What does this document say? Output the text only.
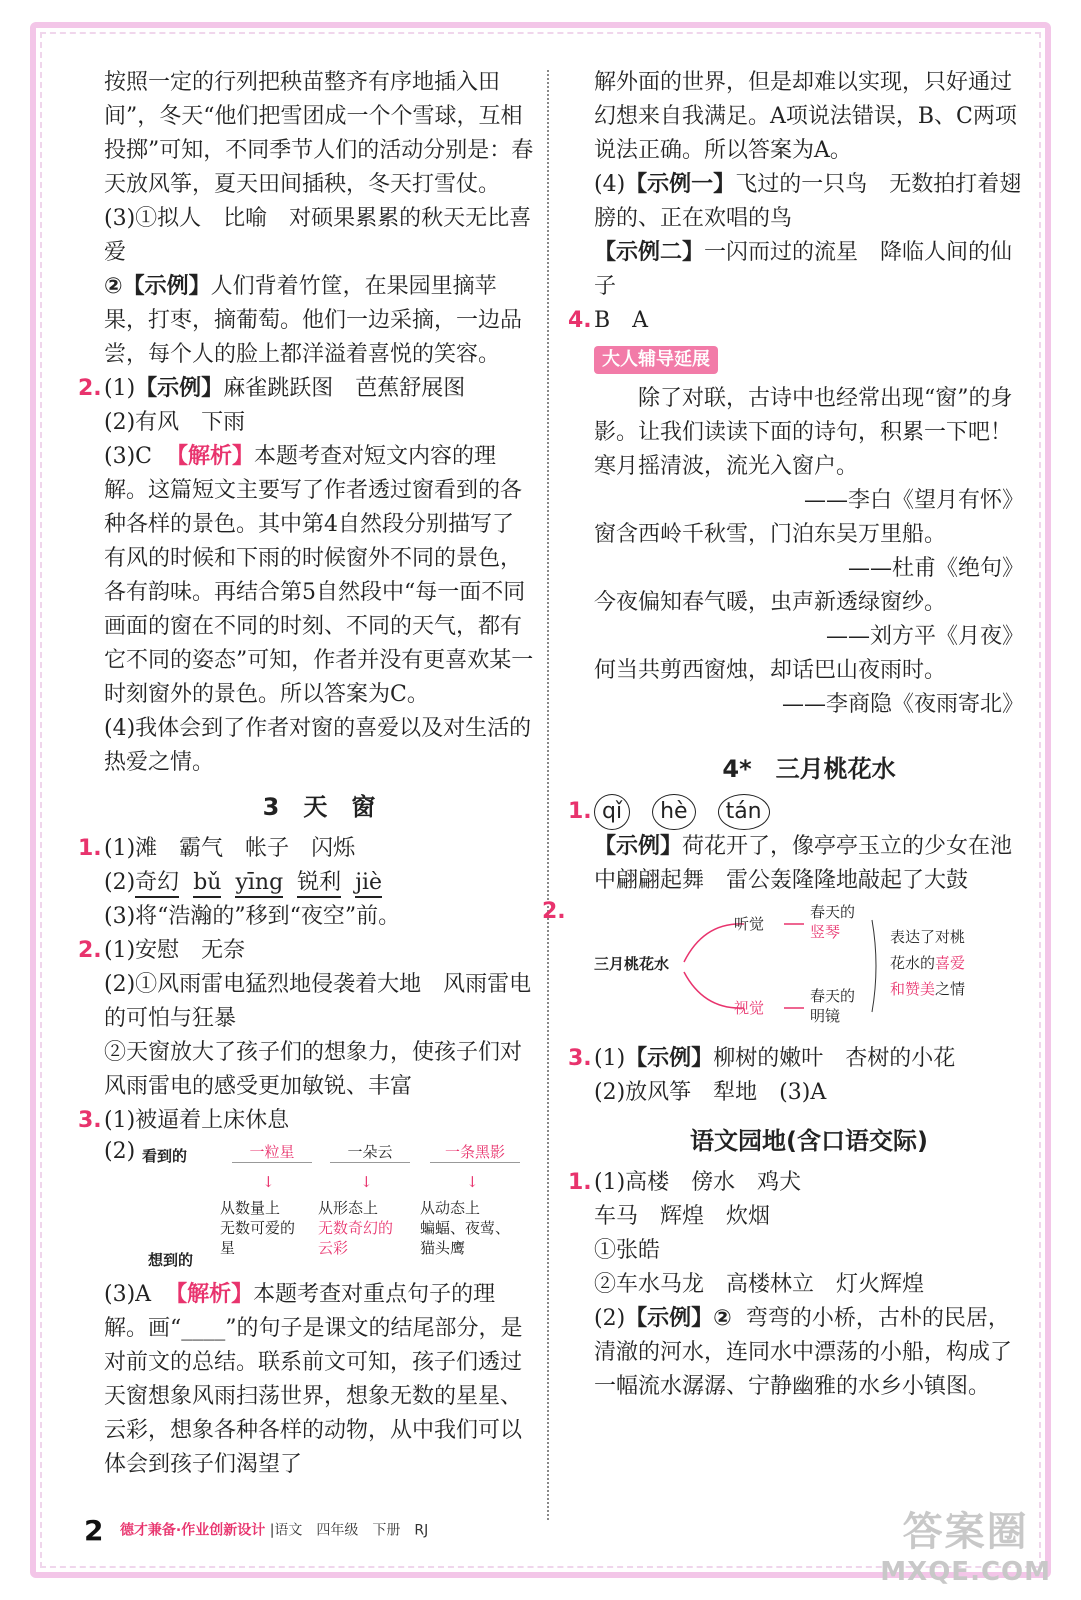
按照一定的行列把秧苗整齐有序地插入田间”，冬天“他们把雪团成一个个雪球，互相投掷”可知，不同季节人们的活动分别是：春天放风筝，夏天田间插秧，冬天打雪仗。

(3)①拟人　比喻　对硕果累累的秋天无比喜爱

②【示例】人们背着竹筐，在果园里摘苹果，打枣，摘葡萄。他们一边采摘，一边品尝，每个人的脸上都洋溢着喜悦的笑容。

2. (1)【示例】麻雀跳跃图　芭蕉舒展图

(2)有风　下雨

(3)C 【解析】本题考查对短文内容的理解。这篇短文主要写了作者透过窗看到的各种各样的景色。其中第4自然段分别描写了有风的时候和下雨的时候窗外不同的景色，各有韵味。再结合第5自然段中“每一面不同画面的窗在不同的时刻、不同的天气，都有它不同的姿态”可知，作者并没有更喜欢某一时刻窗外的景色。所以答案为C。

(4)我体会到了作者对窗的喜爱以及对生活的热爱之情。

3　天　窗

1. (1)滩　霸气　帐子　闪烁

(2)奇幻 bǔ yīng 锐利 jiè

(3)将“浩瀚的”移到“夜空”前。

2. (1)安慰　无奈

(2)①风雨雷电猛烈地侵袭着大地　风雨雷电的可怕与狂暴

②天窗放大了孩子们的想象力，使孩子们对风雨雷电的感受更加敏锐、丰富

3. (1)被逼着上床休息

(2) 看到的
想到的
一粒星	一朵云	一条黑影
↓	↓	↓
从数量上
无数可爱的星
从形态上
无数奇幻的云彩
从动态上
蝙蝠、夜莺、猫头鹰

(3)A 【解析】本题考查对重点句子的理解。画“____”的句子是课文的结尾部分，是对前文的总结。联系前文可知，孩子们透过天窗想象风雨扫荡世界，想象无数的星星、云彩，想象各种各样的动物，从中我们可以体会到孩子们渴望了

解外面的世界，但是却难以实现，只好通过幻想来自我满足。A项说法错误，B、C两项说法正确。所以答案为A。

(4)【示例一】飞过的一只鸟　无数拍打着翅膀的、正在欢唱的鸟

【示例二】一闪而过的流星　降临人间的仙子

4. B　A

大人辅导延展

除了对联，古诗中也经常出现“窗”的身影。让我们读读下面的诗句，积累一下吧！

寒月摇清波，流光入窗户。

——李白《望月有怀》

窗含西岭千秋雪，门泊东吴万里船。

——杜甫《绝句》

今夜偏知春气暖，虫声新透绿窗纱。

——刘方平《月夜》

何当共剪西窗烛，却话巴山夜雨时。

——李商隐《夜雨寄北》

4*　三月桃花水

1. qǐ hè tán

【示例】荷花开了，像亭亭玉立的少女在池中翩翩起舞　雷公轰隆隆地敲起了大鼓

2.
三月桃花水
听觉
视觉
春天的
竖琴
春天的
明镜
表达了对桃
花水的喜爱
和赞美之情

3. (1)【示例】柳树的嫩叶　杏树的小花

(2)放风筝　犁地　(3)A

语文园地(含口语交际)

1. (1)高楼　傍水　鸡犬

车马　辉煌　炊烟

①张皓

②车水马龙　高楼林立　灯火辉煌

(2)【示例】② 弯弯的小桥，古朴的民居，清澈的河水，连同水中漂荡的小船，构成了一幅流水潺潺、宁静幽雅的水乡小镇图。

2 德才兼备·作业创新设计 |语文　四年级　下册　RJ	答案圈
MXQE.COM
